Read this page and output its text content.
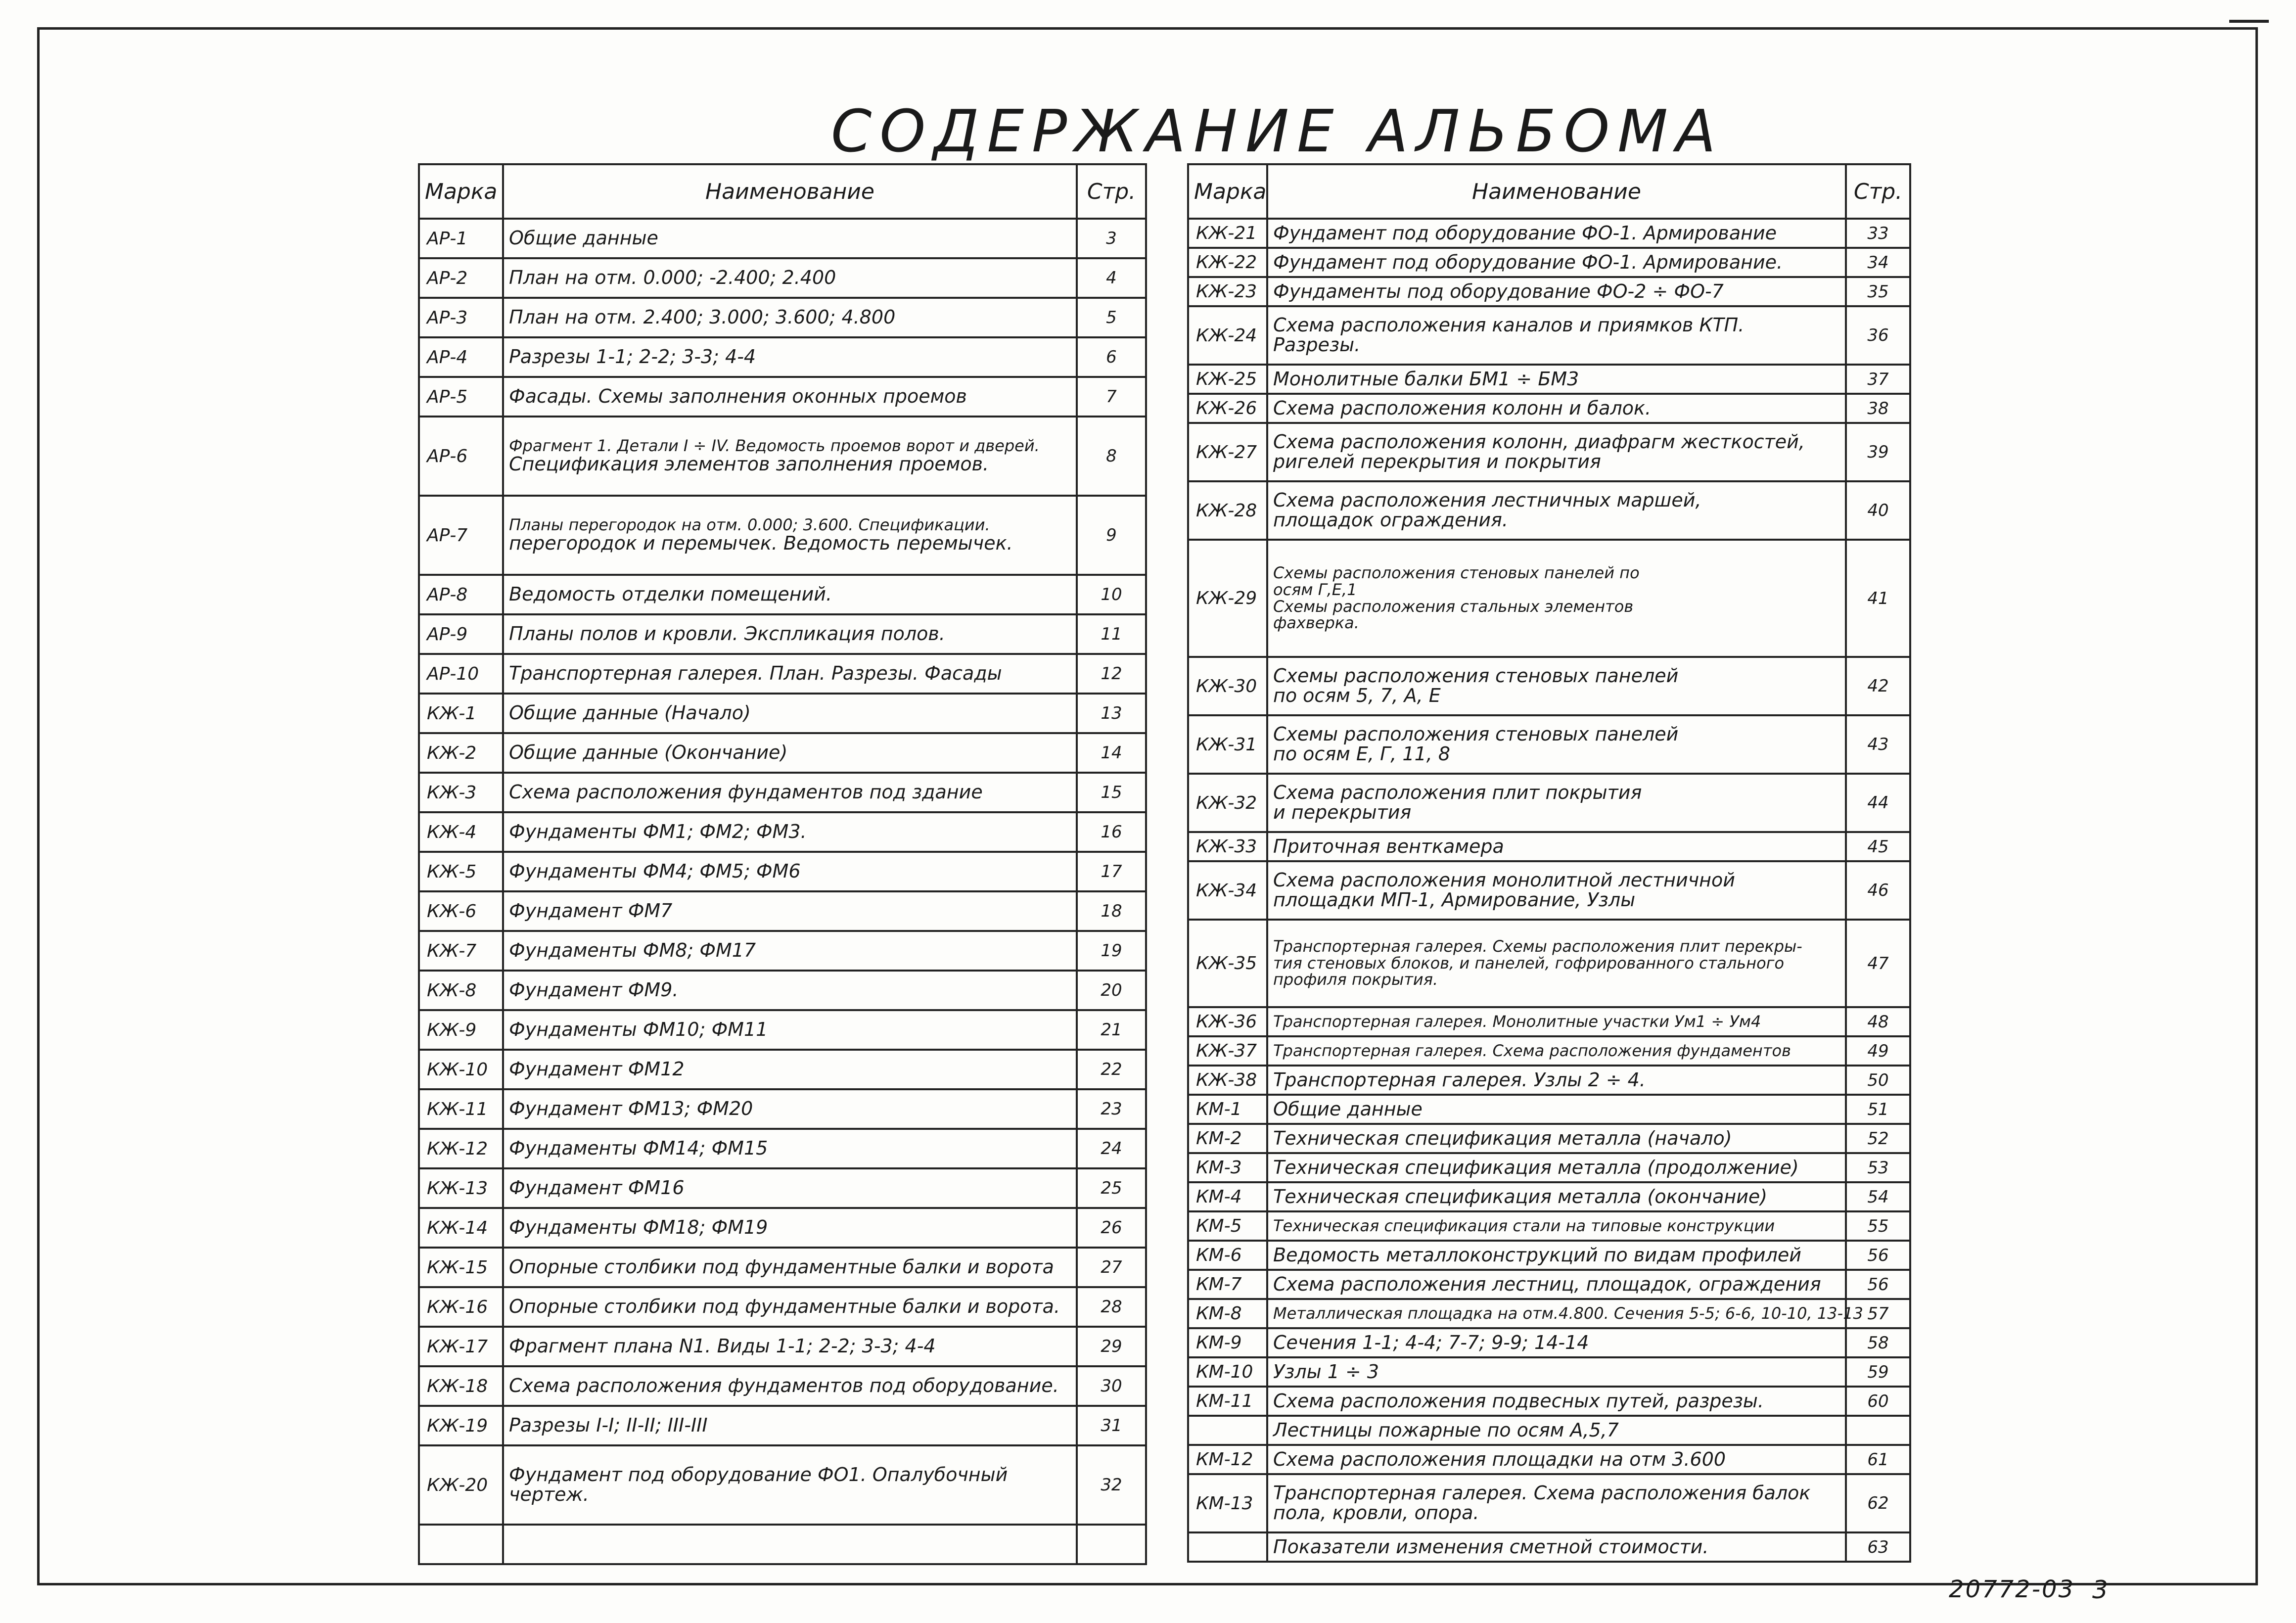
СОДЕРЖАНИЕ АЛЬБОМА
Марка	Наименование	Стр.
АР-1	Общие данные	3
АР-2	План на отм. 0.000; -2.400; 2.400	4
АР-3	План на отм. 2.400; 3.000; 3.600; 4.800	5
АР-4	Разрезы 1-1; 2-2; 3-3; 4-4	6
АР-5	Фасады. Схемы заполнения оконных проемов	7
АР-6	Фрагмент 1. Детали I ÷ IV. Ведомость проемов ворот и дверей.
Спецификация элементов заполнения проемов.	8
АР-7	Планы перегородок на отм. 0.000; 3.600. Спецификации.
перегородок и перемычек. Ведомость перемычек.	9
АР-8	Ведомость отделки помещений.	10
АР-9	Планы полов и кровли. Экспликация полов.	11
АР-10	Транспортерная галерея. План. Разрезы. Фасады	12
КЖ-1	Общие данные (Начало)	13
КЖ-2	Общие данные (Окончание)	14
КЖ-3	Схема расположения фундаментов под здание	15
КЖ-4	Фундаменты ФМ1; ФМ2; ФМ3.	16
КЖ-5	Фундаменты ФМ4; ФМ5; ФМ6	17
КЖ-6	Фундамент ФМ7	18
КЖ-7	Фундаменты ФМ8; ФМ17	19
КЖ-8	Фундамент ФМ9.	20
КЖ-9	Фундаменты ФМ10; ФМ11	21
КЖ-10	Фундамент ФМ12	22
КЖ-11	Фундамент ФМ13; ФМ20	23
КЖ-12	Фундаменты ФМ14; ФМ15	24
КЖ-13	Фундамент ФМ16	25
КЖ-14	Фундаменты ФМ18; ФМ19	26
КЖ-15	Опорные столбики под фундаментные балки и ворота	27
КЖ-16	Опорные столбики под фундаментные балки и ворота.	28
КЖ-17	Фрагмент плана N1. Виды 1-1; 2-2; 3-3; 4-4	29
КЖ-18	Схема расположения фундаментов под оборудование.	30
КЖ-19	Разрезы I-I; II-II; III-III	31
КЖ-20	Фундамент под оборудование ФО1. Опалубочный
чертеж.	32

Марка	Наименование	Стр.
КЖ-21	Фундамент под оборудование ФО-1. Армирование	33
КЖ-22	Фундамент под оборудование ФО-1. Армирование.	34
КЖ-23	Фундаменты под оборудование ФО-2 ÷ ФО-7	35
КЖ-24	Схема расположения каналов и приямков КТП.
Разрезы.	36
КЖ-25	Монолитные балки БМ1 ÷ БМ3	37
КЖ-26	Схема расположения колонн и балок.	38
КЖ-27	Схема расположения колонн, диафрагм жесткостей,
ригелей перекрытия и покрытия	39
КЖ-28	Схема расположения лестничных маршей,
площадок ограждения.	40
КЖ-29	Схемы расположения стеновых панелей по
осям Г,Е,1
Схемы расположения стальных элементов
фахверка.	41
КЖ-30	Схемы расположения стеновых панелей
по осям 5, 7, А, Е	42
КЖ-31	Схемы расположения стеновых панелей
по осям Е, Г, 11, 8	43
КЖ-32	Схема расположения плит покрытия
и перекрытия	44
КЖ-33	Приточная венткамера	45
КЖ-34	Схема расположения монолитной лестничной
площадки МП-1, Армирование, Узлы	46
КЖ-35	Транспортерная галерея. Схемы расположения плит перекры-
тия стеновых блоков, и панелей, гофрированного стального
профиля покрытия.	47
КЖ-36	Транспортерная галерея. Монолитные участки Ум1 ÷ Ум4	48
КЖ-37	Транспортерная галерея. Схема расположения фундаментов	49
КЖ-38	Транспортерная галерея. Узлы 2 ÷ 4.	50
КМ-1	Общие данные	51
КМ-2	Техническая спецификация металла (начало)	52
КМ-3	Техническая спецификация металла (продолжение)	53
КМ-4	Техническая спецификация металла (окончание)	54
КМ-5	Техническая спецификация стали на типовые конструкции	55
КМ-6	Ведомость металлоконструкций по видам профилей	56
КМ-7	Схема расположения лестниц, площадок, ограждения	56
КМ-8	Металлическая площадка на отм.4.800. Сечения 5-5; 6-6, 10-10, 13-13	57
КМ-9	Сечения 1-1; 4-4; 7-7; 9-9; 14-14	58
КМ-10	Узлы 1 ÷ 3	59
КМ-11	Схема расположения подвесных путей, разрезы.	60

	Лестницы пожарные по осям А,5,7	

КМ-12	Схема расположения площадки на отм 3.600	61
КМ-13	Транспортерная галерея. Схема расположения балок
пола, кровли, опора.	62

	Показатели изменения сметной стоимости.	63
20772-03 3
